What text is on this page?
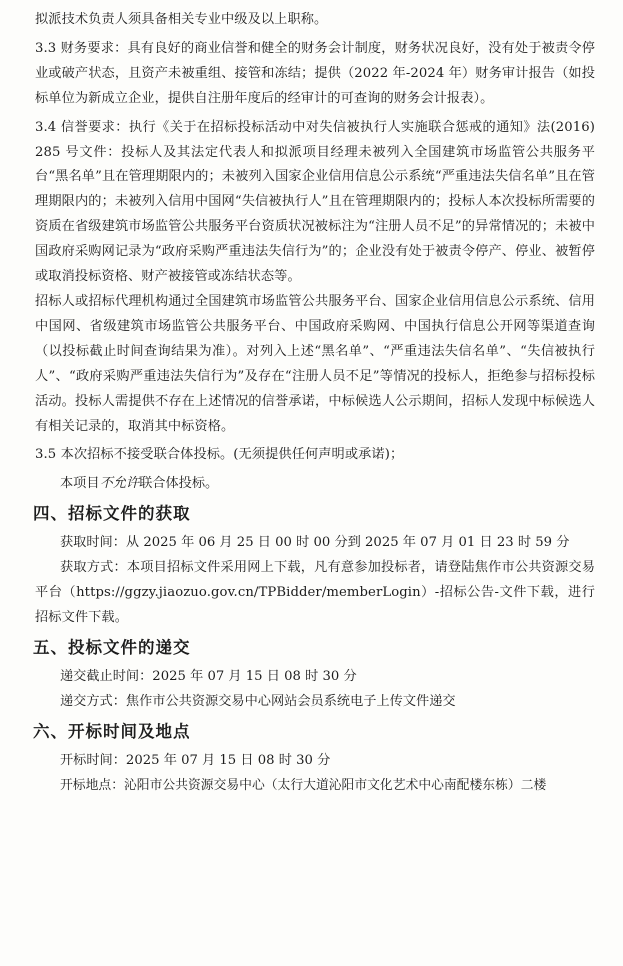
拟派技术负责人须具备相关专业中级及以上职称。

3.3 财务要求：具有良好的商业信誉和健全的财务会计制度，财务状况良好，没有处于被责令停业或破产状态，且资产未被重组、接管和冻结；提供（2022 年-2024 年）财务审计报告（如投标单位为新成立企业，提供自注册年度后的经审计的可查询的财务会计报表）。

3.4 信誉要求：执行《关于在招标投标活动中对失信被执行人实施联合惩戒的通知》法(2016) 285 号文件：投标人及其法定代表人和拟派项目经理未被列入全国建筑市场监管公共服务平台“黑名单”且在管理期限内的；未被列入国家企业信用信息公示系统“严重违法失信名单”且在管理期限内的；未被列入信用中国网“失信被执行人”且在管理期限内的；投标人本次投标所需要的资质在省级建筑市场监管公共服务平台资质状况被标注为“注册人员不足”的异常情况的；未被中国政府采购网记录为“政府采购严重违法失信行为”的；企业没有处于被责令停产、停业、被暂停或取消投标资格、财产被接管或冻结状态等。

招标人或招标代理机构通过全国建筑市场监管公共服务平台、国家企业信用信息公示系统、信用中国网、省级建筑市场监管公共服务平台、中国政府采购网、中国执行信息公开网等渠道查询（以投标截止时间查询结果为准）。对列入上述“黑名单”、“严重违法失信名单”、“失信被执行人”、“政府采购严重违法失信行为”及存在“注册人员不足”等情况的投标人，拒绝参与招标投标活动。投标人需提供不存在上述情况的信誉承诺，中标候选人公示期间，招标人发现中标候选人有相关记录的，取消其中标资格。

3.5 本次招标不接受联合体投标。(无须提供任何声明或承诺)；

本项目不允许联合体投标。

四、招标文件的获取

获取时间：从 2025 年 06 月 25 日 00 时 00 分到 2025 年 07 月 01 日 23 时 59 分

获取方式：本项目招标文件采用网上下载，凡有意参加投标者，请登陆焦作市公共资源交易平台（https://ggzy.jiaozuo.gov.cn/TPBidder/memberLogin）-招标公告-文件下载，进行招标文件下载。

五、投标文件的递交

递交截止时间：2025 年 07 月 15 日 08 时 30 分

递交方式：焦作市公共资源交易中心网站会员系统电子上传文件递交

六、开标时间及地点

开标时间：2025 年 07 月 15 日 08 时 30 分

开标地点：沁阳市公共资源交易中心（太行大道沁阳市文化艺术中心南配楼东栋）二楼
